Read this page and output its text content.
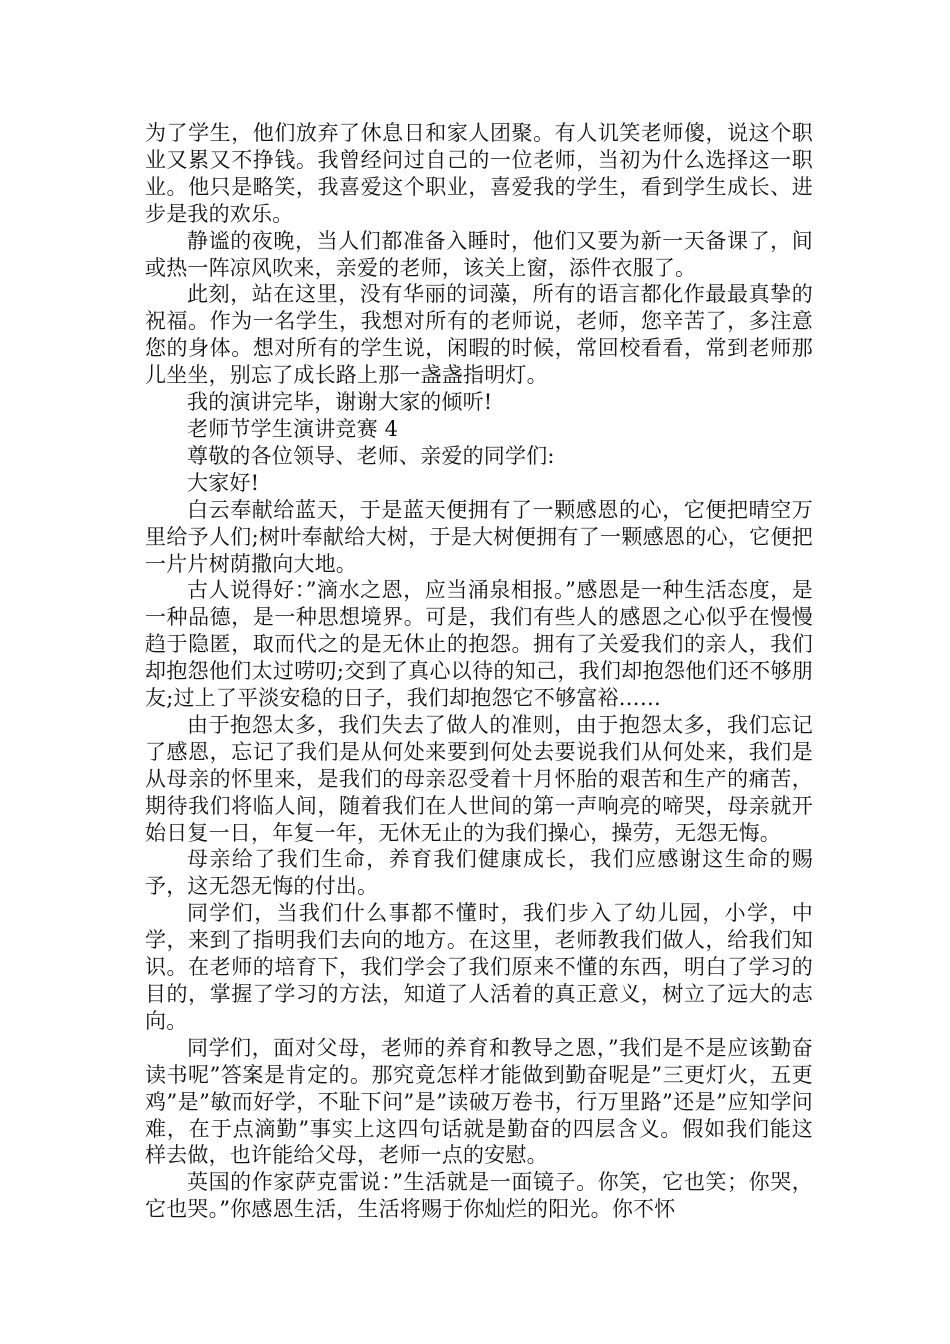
为了学生，他们放弃了休息日和家人团聚。有人讥笑老师傻，说这个职业又累又不挣钱。我曾经问过自己的一位老师，当初为什么选择这一职业。他只是略笑，我喜爱这个职业，喜爱我的学生，看到学生成长、进步是我的欢乐。

静谧的夜晚，当人们都准备入睡时，他们又要为新一天备课了，间或热一阵凉风吹来，亲爱的老师，该关上窗，添件衣服了。

此刻，站在这里，没有华丽的词藻，所有的语言都化作最最真挚的祝福。作为一名学生，我想对所有的老师说，老师，您辛苦了，多注意您的身体。想对所有的学生说，闲暇的时候，常回校看看，常到老师那儿坐坐，别忘了成长路上那一盏盏指明灯。

我的演讲完毕，谢谢大家的倾听!

老师节学生演讲竞赛 4

尊敬的各位领导、老师、亲爱的同学们:

大家好!

白云奉献给蓝天，于是蓝天便拥有了一颗感恩的心，它便把晴空万里给予人们;树叶奉献给大树，于是大树便拥有了一颗感恩的心，它便把一片片树荫撒向大地。

古人说得好：”滴水之恩，应当涌泉相报。”感恩是一种生活态度，是一种品德，是一种思想境界。可是，我们有些人的感恩之心似乎在慢慢趋于隐匿，取而代之的是无休止的抱怨。拥有了关爱我们的亲人，我们却抱怨他们太过唠叨;交到了真心以待的知己，我们却抱怨他们还不够朋友;过上了平淡安稳的日子，我们却抱怨它不够富裕……

由于抱怨太多，我们失去了做人的准则，由于抱怨太多，我们忘记了感恩，忘记了我们是从何处来要到何处去要说我们从何处来，我们是从母亲的怀里来，是我们的母亲忍受着十月怀胎的艰苦和生产的痛苦，期待我们将临人间，随着我们在人世间的第一声响亮的啼哭，母亲就开始日复一日，年复一年，无休无止的为我们操心，操劳，无怨无悔。

母亲给了我们生命，养育我们健康成长，我们应感谢这生命的赐予，这无怨无悔的付出。

同学们，当我们什么事都不懂时，我们步入了幼儿园，小学，中学，来到了指明我们去向的地方。在这里，老师教我们做人，给我们知识。在老师的培育下，我们学会了我们原来不懂的东西，明白了学习的目的，掌握了学习的方法，知道了人活着的真正意义，树立了远大的志向。

同学们，面对父母，老师的养育和教导之恩，”我们是不是应该勤奋读书呢”答案是肯定的。那究竟怎样才能做到勤奋呢是”三更灯火，五更鸡”是”敏而好学，不耻下问”是”读破万卷书，行万里路”还是”应知学问难，在于点滴勤”事实上这四句话就是勤奋的四层含义。假如我们能这样去做，也许能给父母，老师一点的安慰。

英国的作家萨克雷说：”生活就是一面镜子。你笑，它也笑；你哭，它也哭。”你感恩生活，生活将赐于你灿烂的阳光。你不怀
